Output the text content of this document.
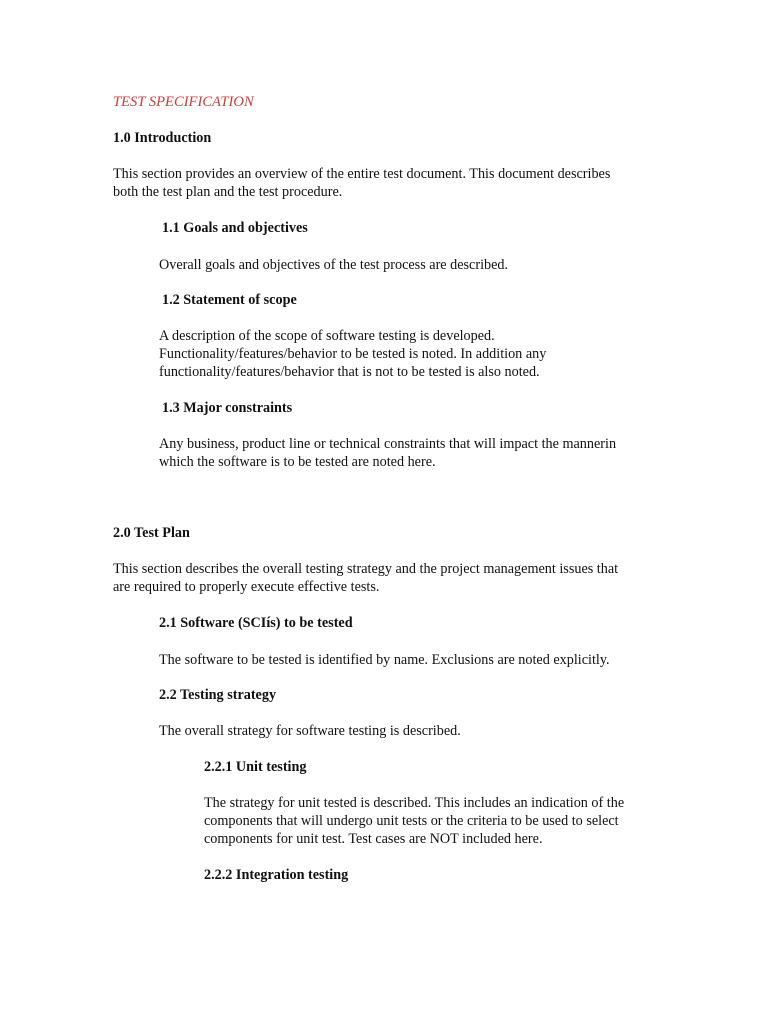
TEST SPECIFICATION

1.0 Introduction

This section provides an overview of the entire test document. This document describes
both the test plan and the test procedure.

1.1 Goals and objectives

Overall goals and objectives of the test process are described.

1.2 Statement of scope

A description of the scope of software testing is developed.
Functionality/features/behavior to be tested is noted. In addition any
functionality/features/behavior that is not to be tested is also noted.

1.3 Major constraints

Any business, product line or technical constraints that will impact the mannerin
which the software is to be tested are noted here.

2.0 Test Plan

This section describes the overall testing strategy and the project management issues that
are required to properly execute effective tests.

2.1 Software (SCIís) to be tested

The software to be tested is identified by name. Exclusions are noted explicitly.

2.2 Testing strategy

The overall strategy for software testing is described.

2.2.1 Unit testing

The strategy for unit tested is described. This includes an indication of the
components that will undergo unit tests or the criteria to be used to select
components for unit test. Test cases are NOT included here.

2.2.2 Integration testing
